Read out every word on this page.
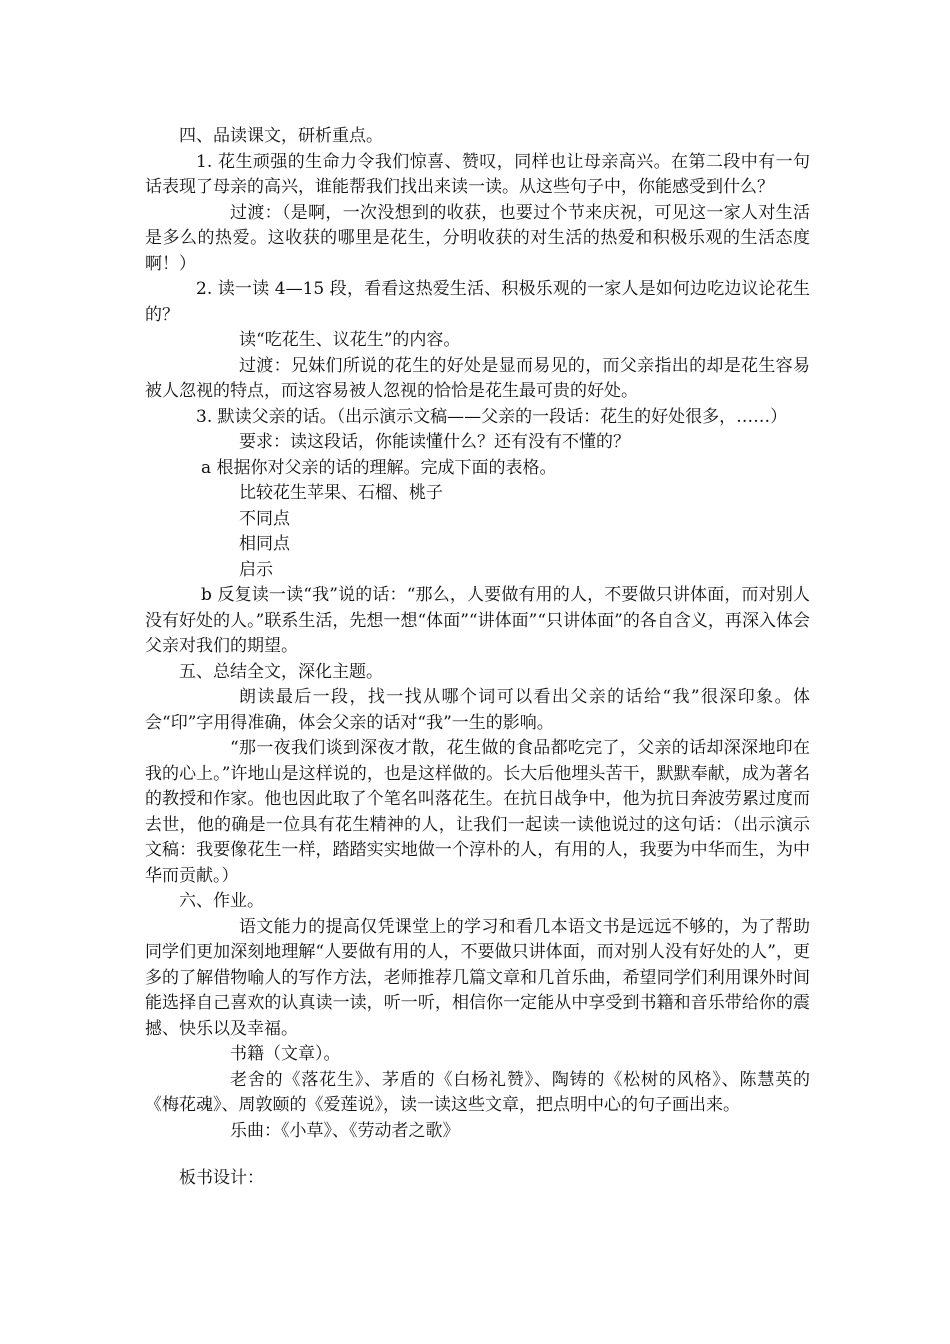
四、品读课文，研析重点。

1. 花生顽强的生命力令我们惊喜、赞叹，同样也让母亲高兴。在第二段中有一句话表现了母亲的高兴，谁能帮我们找出来读一读。从这些句子中，你能感受到什么？

过渡：（是啊，一次没想到的收获，也要过个节来庆祝，可见这一家人对生活是多么的热爱。这收获的哪里是花生，分明收获的对生活的热爱和积极乐观的生活态度啊！）

2. 读一读 4—15 段，看看这热爱生活、积极乐观的一家人是如何边吃边议论花生的？

读“吃花生、议花生”的内容。

过渡：兄妹们所说的花生的好处是显而易见的，而父亲指出的却是花生容易被人忽视的特点，而这容易被人忽视的恰恰是花生最可贵的好处。

3. 默读父亲的话。（出示演示文稿——父亲的一段话：花生的好处很多，……）

要求：读这段话，你能读懂什么？还有没有不懂的？

a 根据你对父亲的话的理解。完成下面的表格。

比较花生苹果、石榴、桃子

不同点

相同点

启示

b 反复读一读“我”说的话：“那么，人要做有用的人，不要做只讲体面，而对别人没有好处的人。”联系生活，先想一想“体面”“讲体面”“只讲体面”的各自含义，再深入体会父亲对我们的期望。

五、总结全文，深化主题。

朗读最后一段，找一找从哪个词可以看出父亲的话给“我”很深印象。体会“印”字用得准确，体会父亲的话对“我”一生的影响。

“那一夜我们谈到深夜才散，花生做的食品都吃完了，父亲的话却深深地印在我的心上。”许地山是这样说的，也是这样做的。长大后他埋头苦干，默默奉献，成为著名的教授和作家。他也因此取了个笔名叫落花生。在抗日战争中，他为抗日奔波劳累过度而去世，他的确是一位具有花生精神的人，让我们一起读一读他说过的这句话：（出示演示文稿：我要像花生一样，踏踏实实地做一个淳朴的人，有用的人，我要为中华而生，为中华而贡献。）

六、作业。

语文能力的提高仅凭课堂上的学习和看几本语文书是远远不够的，为了帮助同学们更加深刻地理解“人要做有用的人，不要做只讲体面，而对别人没有好处的人”，更多的了解借物喻人的写作方法，老师推荐几篇文章和几首乐曲，希望同学们利用课外时间能选择自己喜欢的认真读一读，听一听，相信你一定能从中享受到书籍和音乐带给你的震撼、快乐以及幸福。

书籍（文章）。

老舍的《落花生》、茅盾的《白杨礼赞》、陶铸的《松树的风格》、陈慧英的《梅花魂》、周敦颐的《爱莲说》，读一读这些文章，把点明中心的句子画出来。

乐曲：《小草》、《劳动者之歌》

板书设计：
